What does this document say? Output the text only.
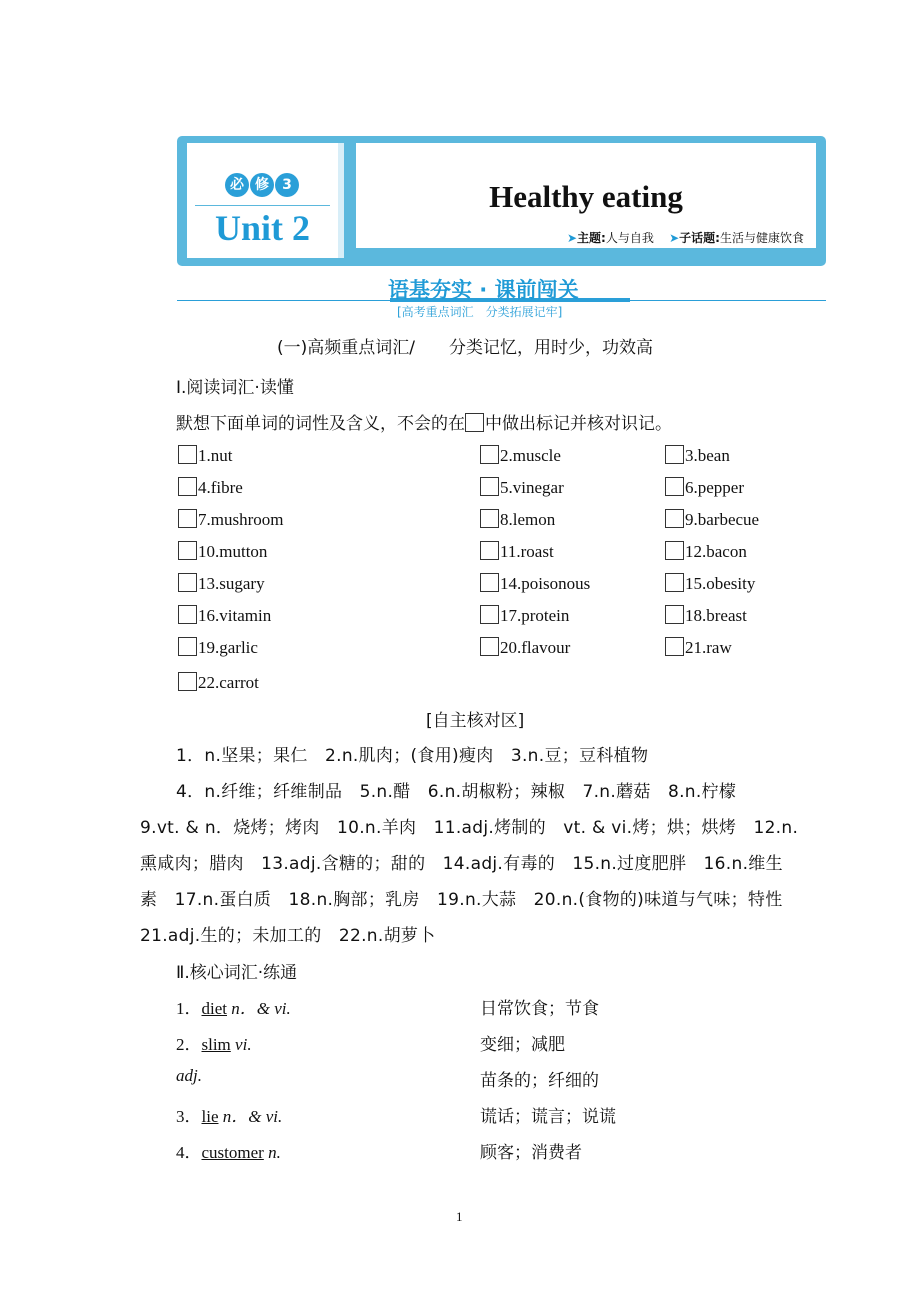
必 修 3
Unit 2
Healthy eating
➤主题:人与自我 ➤子话题:生活与健康饮食
语基夯实 · 课前闯关
[高考重点词汇　分类拓展记牢]
(一)高频重点词汇/　　分类记忆，用时少，功效高
Ⅰ.阅读词汇·读懂
默想下面单词的词性及含义，不会的在 中做出标记并核对识记。
[自主核对区]
Ⅱ.核心词汇·练通
1
1.nut	2.muscle	3.bean
4.fibre	5.vinegar	6.pepper
7.mushroom	8.lemon	9.barbecue
10.mutton	11.roast	12.bacon
13.sugary	14.poisonous	15.obesity
16.vitamin	17.protein	18.breast
19.garlic	20.flavour	21.raw
22.carrot
1．n.坚果；果仁　2.n.肌肉；(食用)瘦肉　3.n.豆；豆科植物
4．n.纤维；纤维制品　5.n.醋　6.n.胡椒粉；辣椒　7.n.蘑菇　8.n.柠檬
9.vt. & n．烧烤；烤肉　10.n.羊肉　11.adj.烤制的　vt. & vi.烤；烘；烘烤　12.n.
熏咸肉；腊肉　13.adj.含糖的；甜的　14.adj.有毒的　15.n.过度肥胖　16.n.维生
素　17.n.蛋白质　18.n.胸部；乳房　19.n.大蒜　20.n.(食物的)味道与气味；特性
21.adj.生的；未加工的　22.n.胡萝卜
1．diet n．& vi.	日常饮食；节食
2．slim vi.	变细；减肥
adj.	苗条的；纤细的
3．lie n．& vi.	谎话；谎言；说谎
4．customer n.	顾客；消费者
